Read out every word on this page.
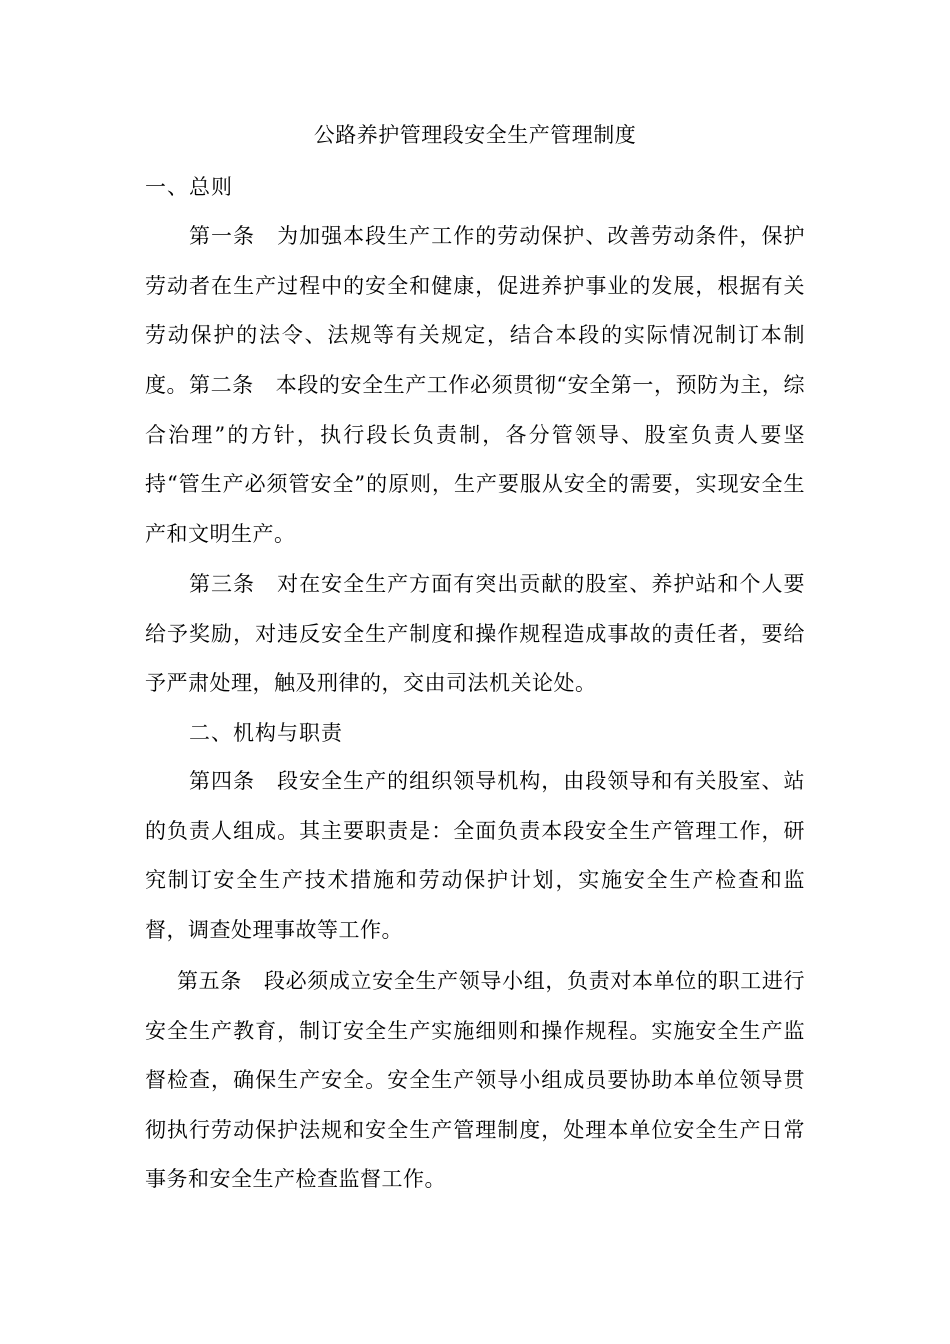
公路养护管理段安全生产管理制度
一、总则

第一条 为加强本段生产工作的劳动保护、改善劳动条件，保护劳动者在生产过程中的安全和健康，促进养护事业的发展，根据有关劳动保护的法令、法规等有关规定，结合本段的实际情况制订本制度。 第二条 本段的安全生产工作必须贯彻“安全第一，预防为主，综合治理”的方针，执行段长负责制，各分管领导、股室负责人要坚持“管生产必须管安全”的原则，生产要服从安全的需要，实现安全生产和文明生产。

第三条 对在安全生产方面有突出贡献的股室、养护站和个人要给予奖励，对违反安全生产制度和操作规程造成事故的责任者，要给予严肃处理，触及刑律的，交由司法机关论处。

二、机构与职责

第四条 段安全生产的组织领导机构，由段领导和有关股室、站的负责人组成。其主要职责是：全面负责本段安全生产管理工作，研究制订安全生产技术措施和劳动保护计划，实施安全生产检查和监督，调查处理事故等工作。

第五条 段必须成立安全生产领导小组，负责对本单位的职工进行安全生产教育，制订安全生产实施细则和操作规程。实施安全生产监督检查，确保生产安全。安全生产领导小组成员要协助本单位领导贯彻执行劳动保护法规和安全生产管理制度，处理本单位安全生产日常事务和安全生产检查监督工作。
